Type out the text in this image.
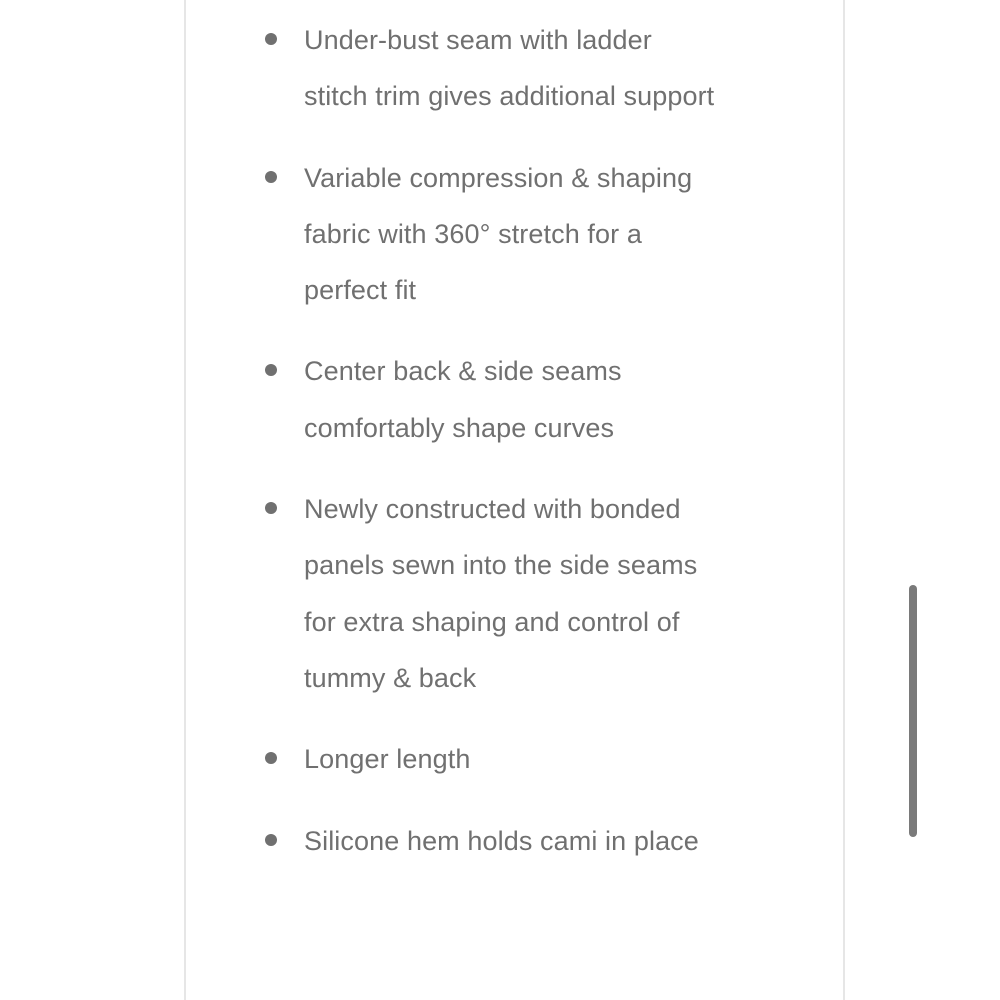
Under-bust seam with ladder stitch trim gives additional support
Variable compression & shaping fabric with 360° stretch for a perfect fit
Center back & side seams comfortably shape curves
Newly constructed with bonded panels sewn into the side seams for extra shaping and control of tummy & back
Longer length
Silicone hem holds cami in place
